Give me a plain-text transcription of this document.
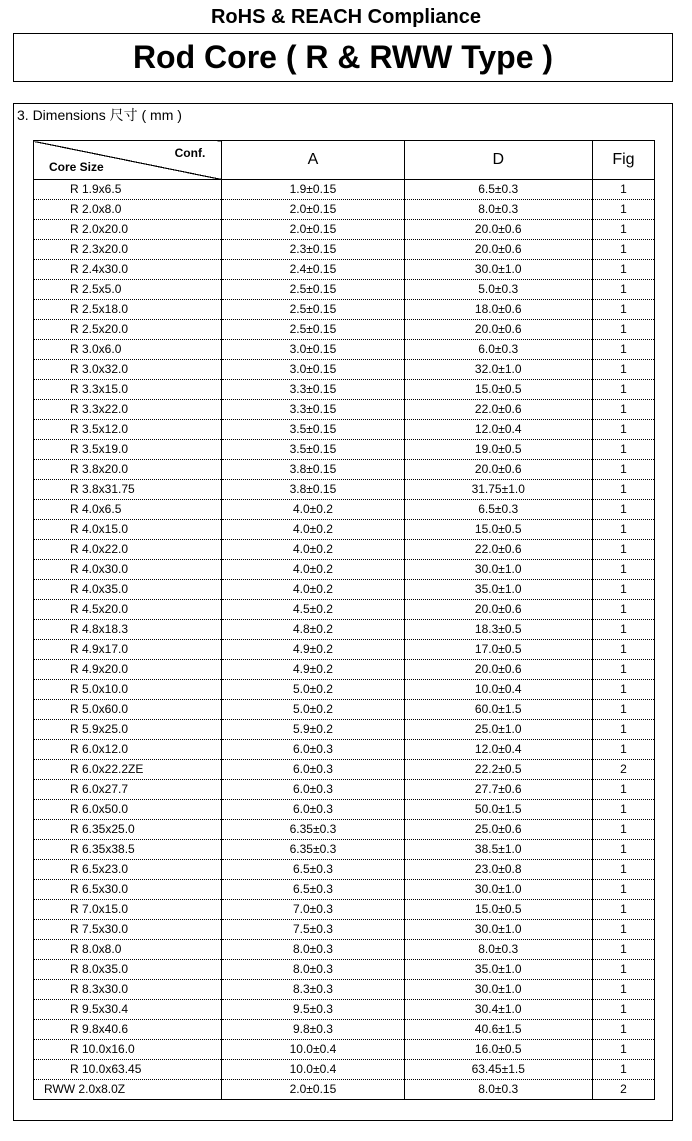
RoHS & REACH Compliance
Rod Core ( R & RWW Type )
3. Dimensions 尺寸 ( mm )
Conf.
Core Size	A	D	Fig
R 1.9x6.5	1.9±0.15	6.5±0.3	1
R 2.0x8.0	2.0±0.15	8.0±0.3	1
R 2.0x20.0	2.0±0.15	20.0±0.6	1
R 2.3x20.0	2.3±0.15	20.0±0.6	1
R 2.4x30.0	2.4±0.15	30.0±1.0	1
R 2.5x5.0	2.5±0.15	5.0±0.3	1
R 2.5x18.0	2.5±0.15	18.0±0.6	1
R 2.5x20.0	2.5±0.15	20.0±0.6	1
R 3.0x6.0	3.0±0.15	6.0±0.3	1
R 3.0x32.0	3.0±0.15	32.0±1.0	1
R 3.3x15.0	3.3±0.15	15.0±0.5	1
R 3.3x22.0	3.3±0.15	22.0±0.6	1
R 3.5x12.0	3.5±0.15	12.0±0.4	1
R 3.5x19.0	3.5±0.15	19.0±0.5	1
R 3.8x20.0	3.8±0.15	20.0±0.6	1
R 3.8x31.75	3.8±0.15	31.75±1.0	1
R 4.0x6.5	4.0±0.2	6.5±0.3	1
R 4.0x15.0	4.0±0.2	15.0±0.5	1
R 4.0x22.0	4.0±0.2	22.0±0.6	1
R 4.0x30.0	4.0±0.2	30.0±1.0	1
R 4.0x35.0	4.0±0.2	35.0±1.0	1
R 4.5x20.0	4.5±0.2	20.0±0.6	1
R 4.8x18.3	4.8±0.2	18.3±0.5	1
R 4.9x17.0	4.9±0.2	17.0±0.5	1
R 4.9x20.0	4.9±0.2	20.0±0.6	1
R 5.0x10.0	5.0±0.2	10.0±0.4	1
R 5.0x60.0	5.0±0.2	60.0±1.5	1
R 5.9x25.0	5.9±0.2	25.0±1.0	1
R 6.0x12.0	6.0±0.3	12.0±0.4	1
R 6.0x22.2ZE	6.0±0.3	22.2±0.5	2
R 6.0x27.7	6.0±0.3	27.7±0.6	1
R 6.0x50.0	6.0±0.3	50.0±1.5	1
R 6.35x25.0	6.35±0.3	25.0±0.6	1
R 6.35x38.5	6.35±0.3	38.5±1.0	1
R 6.5x23.0	6.5±0.3	23.0±0.8	1
R 6.5x30.0	6.5±0.3	30.0±1.0	1
R 7.0x15.0	7.0±0.3	15.0±0.5	1
R 7.5x30.0	7.5±0.3	30.0±1.0	1
R 8.0x8.0	8.0±0.3	8.0±0.3	1
R 8.0x35.0	8.0±0.3	35.0±1.0	1
R 8.3x30.0	8.3±0.3	30.0±1.0	1
R 9.5x30.4	9.5±0.3	30.4±1.0	1
R 9.8x40.6	9.8±0.3	40.6±1.5	1
R 10.0x16.0	10.0±0.4	16.0±0.5	1
R 10.0x63.45	10.0±0.4	63.45±1.5	1
RWW 2.0x8.0Z	2.0±0.15	8.0±0.3	2
